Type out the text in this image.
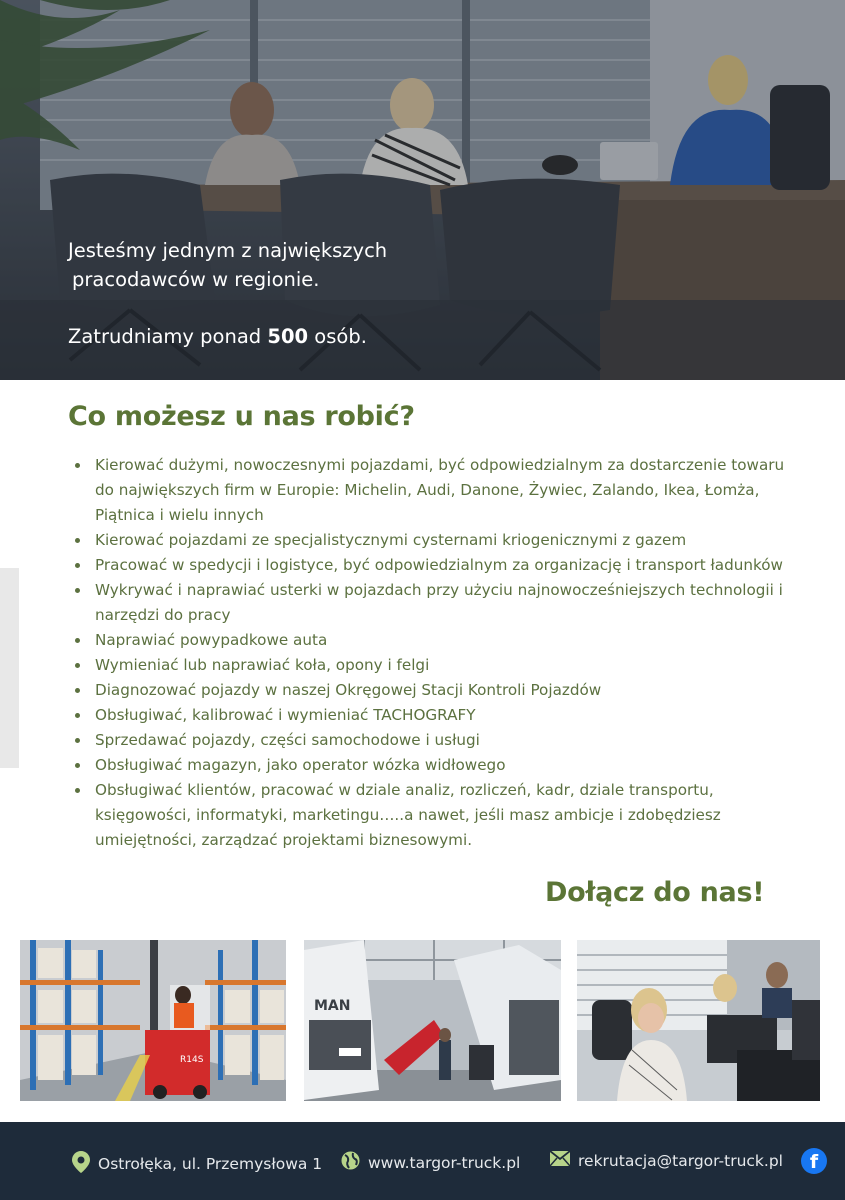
Jesteśmy jednym z największych
pracodawców w regionie.
Zatrudniamy ponad 500 osób.
Co możesz u nas robić?
Kierować dużymi, nowoczesnymi pojazdami, być odpowiedzialnym za dostarczenie towaru do największych firm w Europie: Michelin, Audi, Danone, Żywiec, Zalando, Ikea, Łomża, Piątnica i wielu innych
Kierować pojazdami ze specjalistycznymi cysternami kriogenicznymi z gazem
Pracować w spedycji i logistyce, być odpowiedzialnym za organizację i transport ładunków
Wykrywać i naprawiać usterki w pojazdach przy użyciu najnowocześniejszych technologii i narzędzi do pracy
Naprawiać powypadkowe auta
Wymieniać lub naprawiać koła, opony i felgi
Diagnozować pojazdy w naszej Okręgowej Stacji Kontroli Pojazdów
Obsługiwać, kalibrować i wymieniać TACHOGRAFY
Sprzedawać pojazdy, części samochodowe i usługi
Obsługiwać magazyn, jako operator wózka widłowego
Obsługiwać klientów, pracować w dziale analiz, rozliczeń, kadr, dziale transportu, księgowości, informatyki, marketingu…..a nawet, jeśli masz ambicje i zdobędziesz umiejętności, zarządzać projektami biznesowymi.
Dołącz do nas!
R14S
MAN
Ostrołęka, ul. Przemysłowa 1	www.targor-truck.pl	rekrutacja@targor-truck.pl	f
